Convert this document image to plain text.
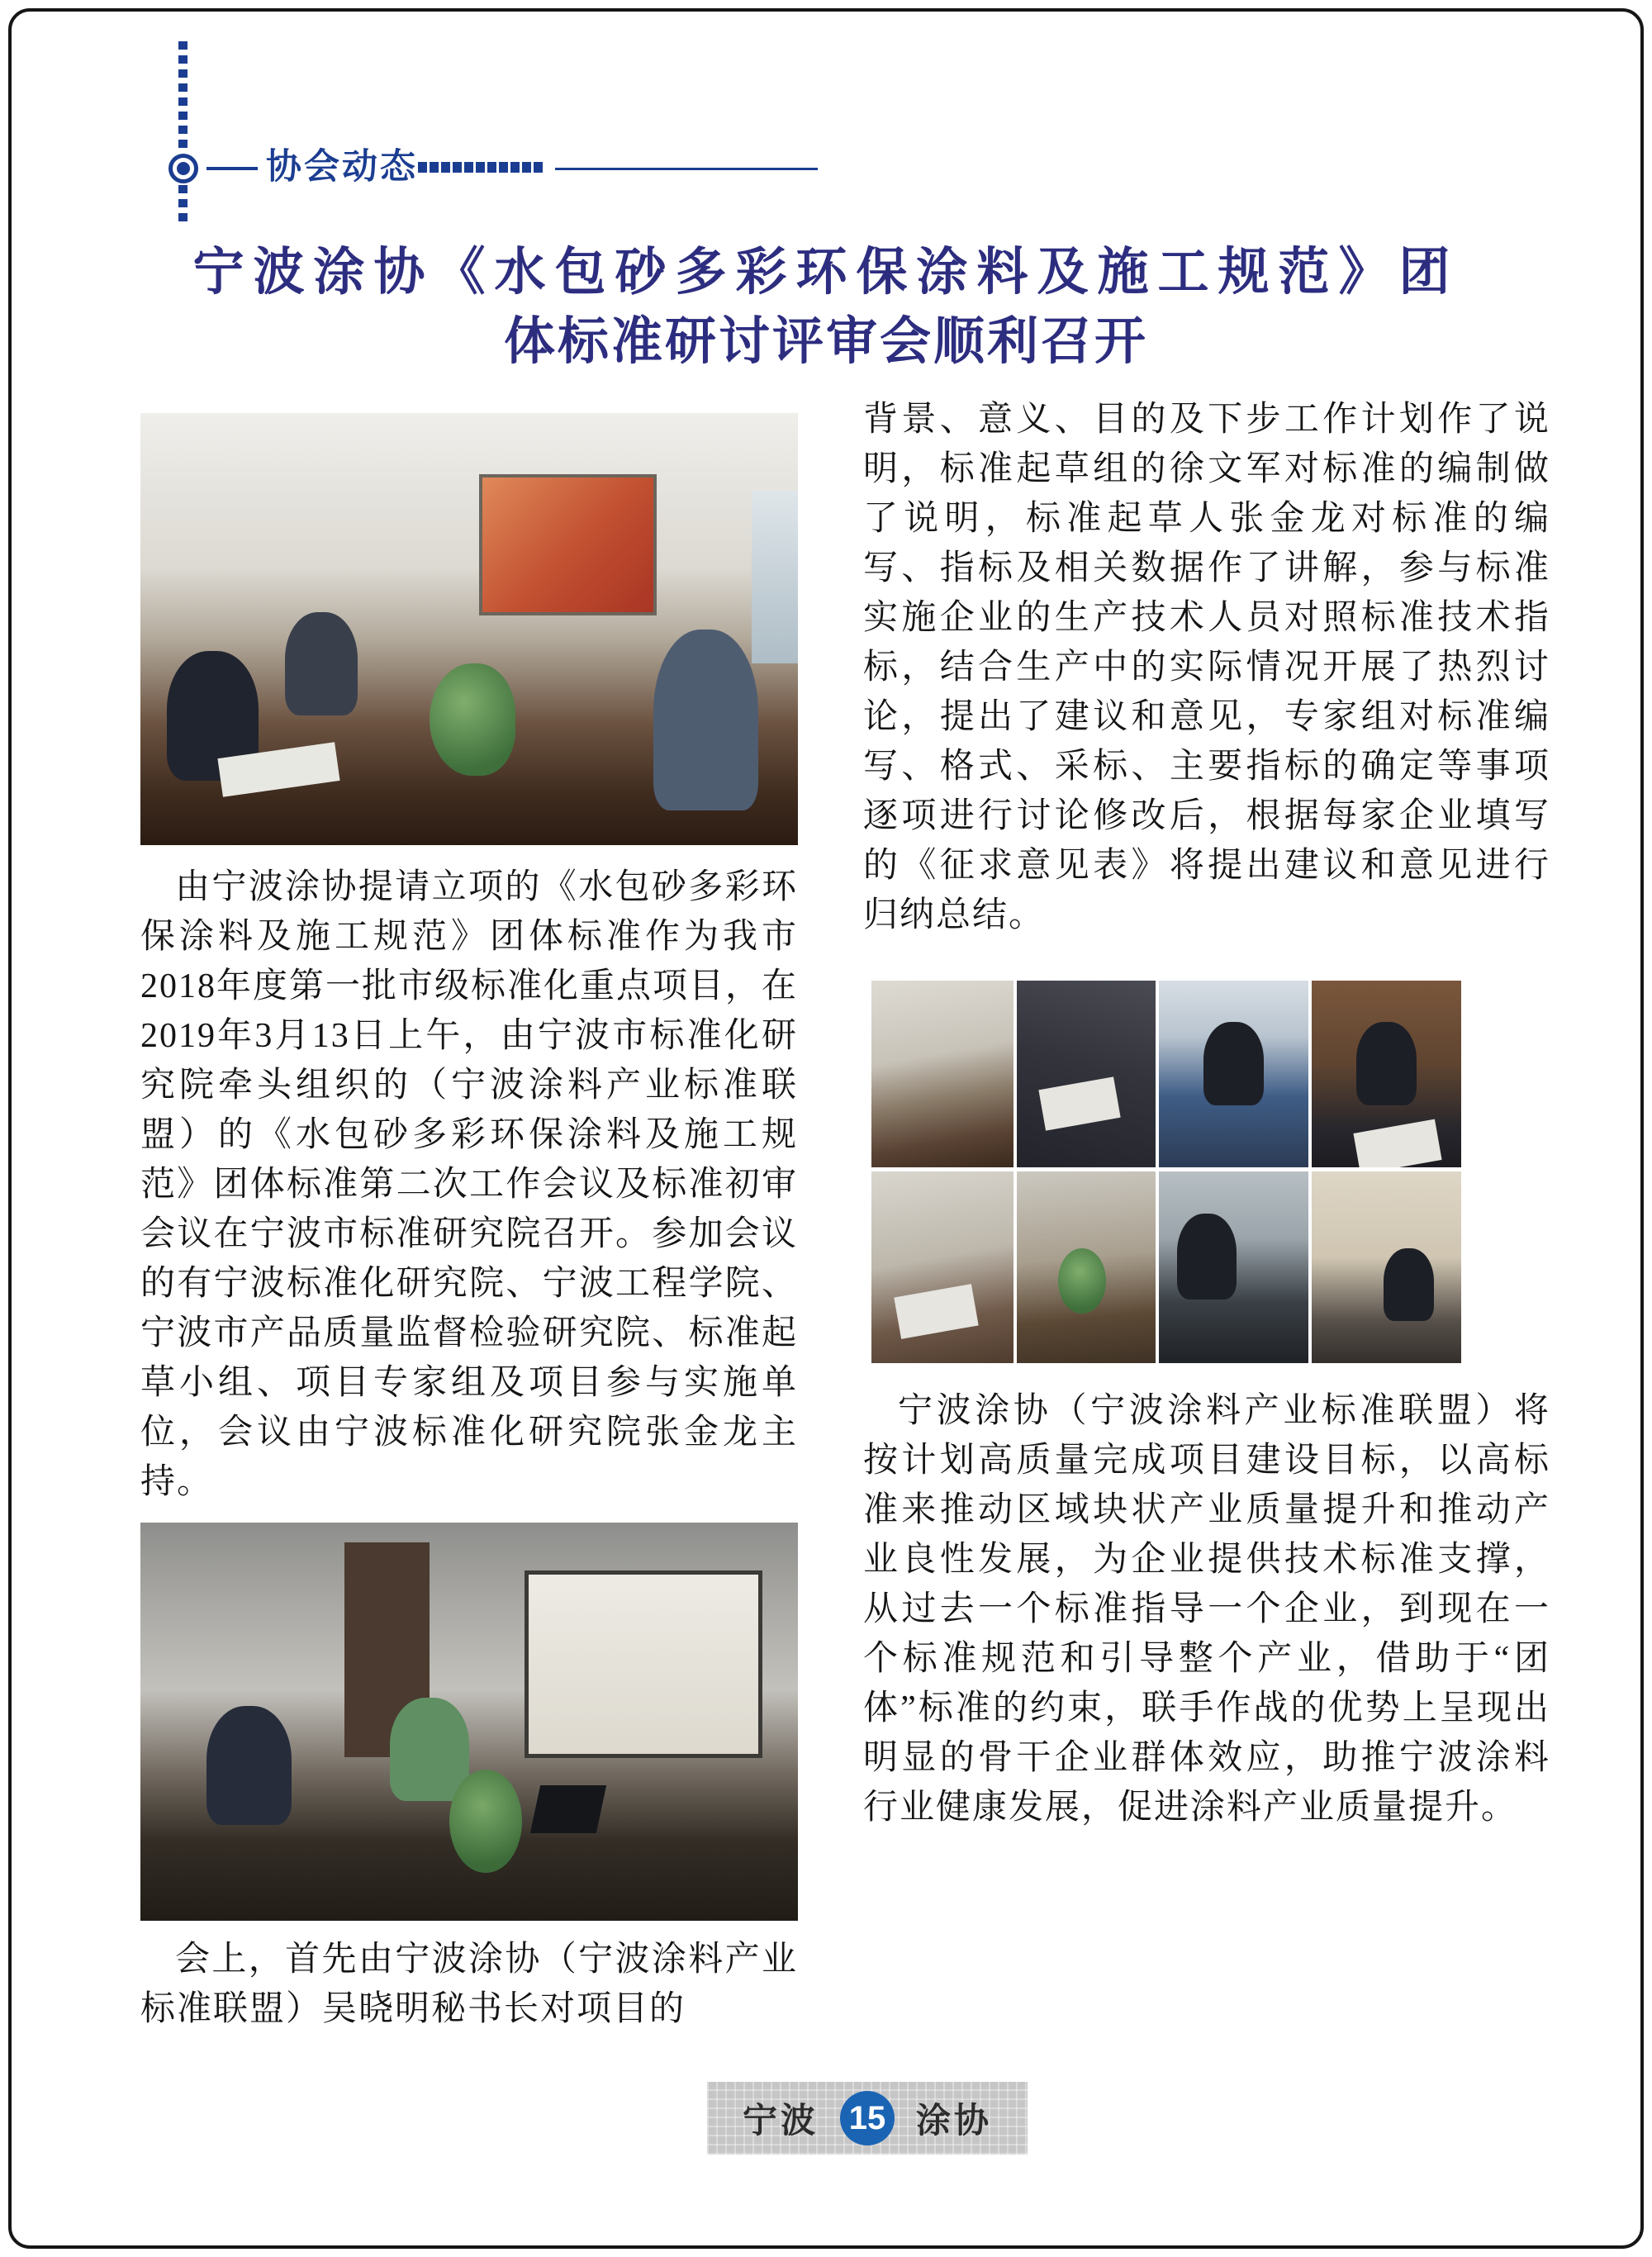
协会动态
宁波涂协《水包砂多彩环保涂料及施工规范》团
体标准研讨评审会顺利召开
由宁波涂协提请立项的《水包砂多彩环保涂料及施工规范》团体标准作为我市2018年度第一批市级标准化重点项目，在2019年3月13日上午，由宁波市标准化研究院牵头组织的（宁波涂料产业标准联盟）的《水包砂多彩环保涂料及施工规范》团体标准第二次工作会议及标准初审会议在宁波市标准研究院召开。参加会议的有宁波标准化研究院、宁波工程学院、宁波市产品质量监督检验研究院、标准起草小组、项目专家组及项目参与实施单位，会议由宁波标准化研究院张金龙主持。
会上，首先由宁波涂协（宁波涂料产业标准联盟）吴晓明秘书长对项目的
背景、意义、目的及下步工作计划作了说明，标准起草组的徐文军对标准的编制做了说明，标准起草人张金龙对标准的编写、指标及相关数据作了讲解，参与标准实施企业的生产技术人员对照标准技术指标，结合生产中的实际情况开展了热烈讨论，提出了建议和意见，专家组对标准编写、格式、采标、主要指标的确定等事项逐项进行讨论修改后，根据每家企业填写的《征求意见表》将提出建议和意见进行归纳总结。
宁波涂协（宁波涂料产业标准联盟）将按计划高质量完成项目建设目标，以高标准来推动区域块状产业质量提升和推动产业良性发展，为企业提供技术标准支撑，从过去一个标准指导一个企业，到现在一个标准规范和引导整个产业，借助于“团体”标准的约束，联手作战的优势上呈现出明显的骨干企业群体效应，助推宁波涂料行业健康发展，促进涂料产业质量提升。
宁波 15 涂协
